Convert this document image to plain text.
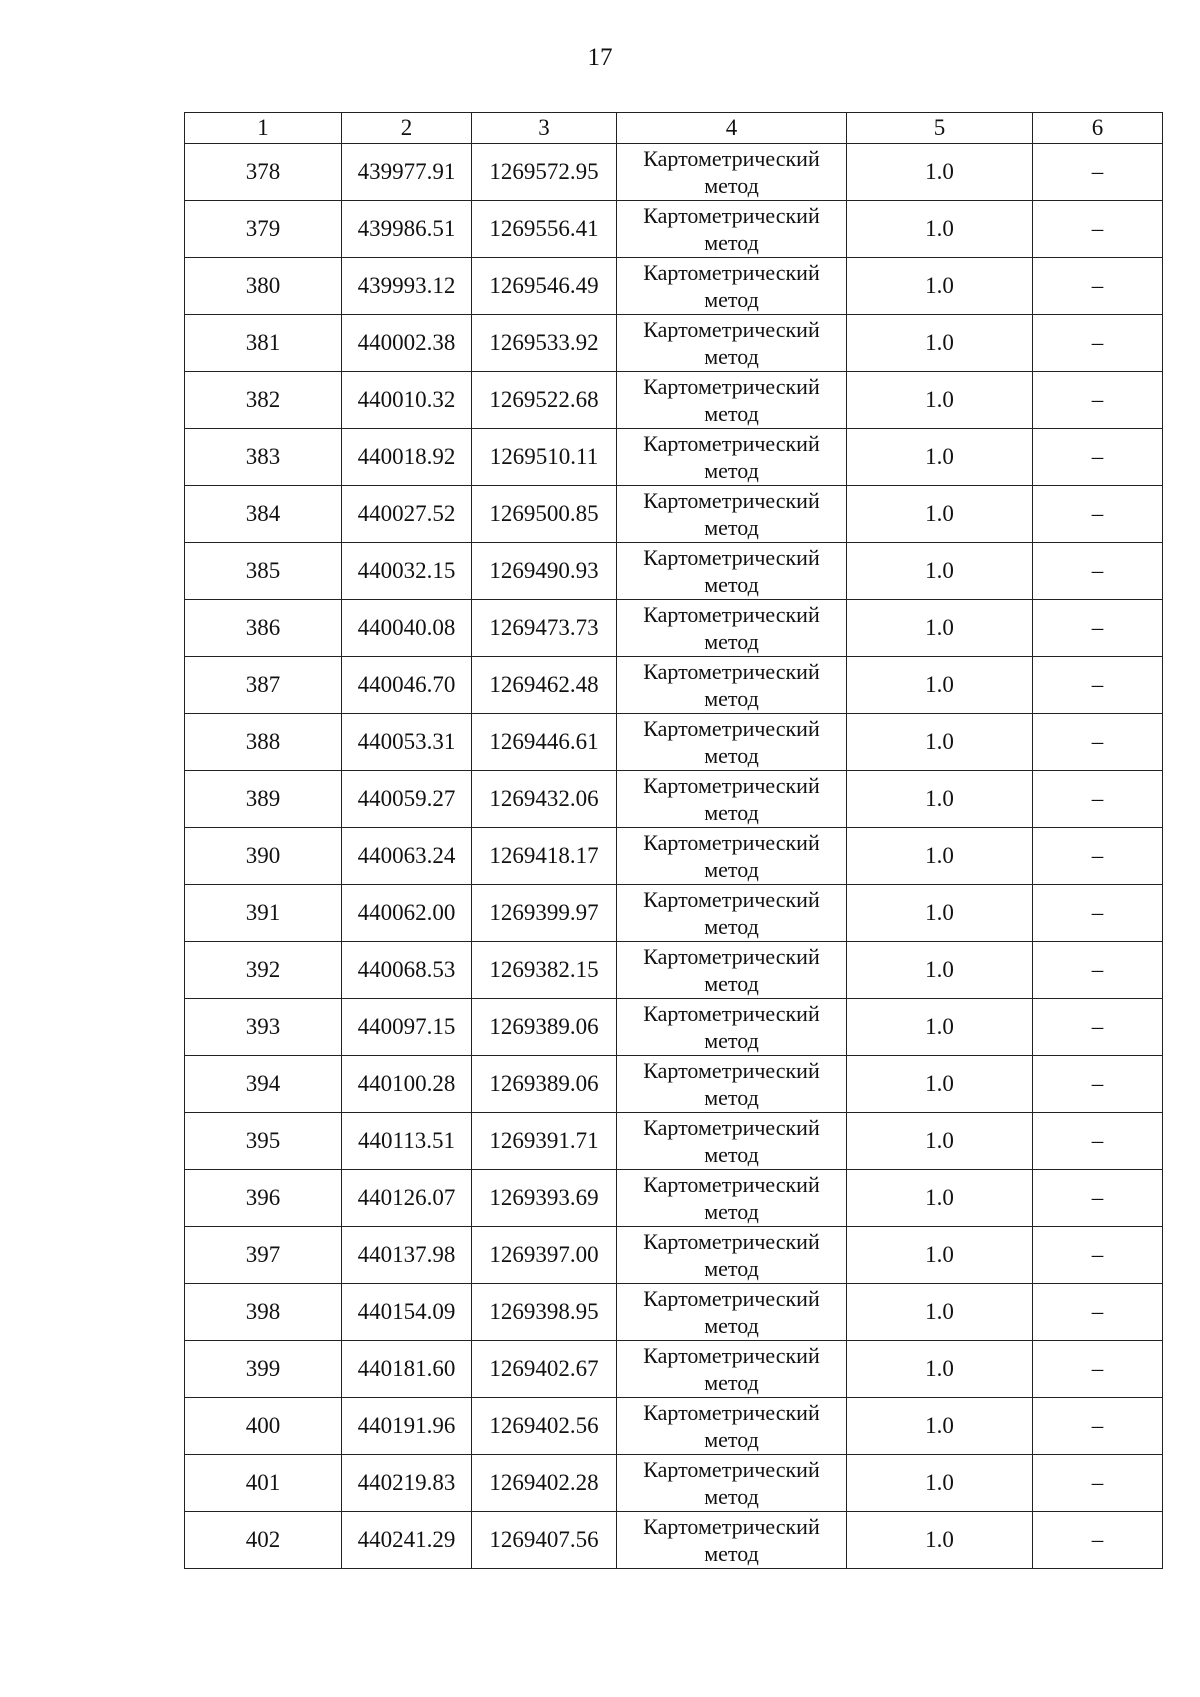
17
1	2	3	4	5	6
378	439977.91	1269572.95	Картометрический метод	1.0	–
379	439986.51	1269556.41	Картометрический метод	1.0	–
380	439993.12	1269546.49	Картометрический метод	1.0	–
381	440002.38	1269533.92	Картометрический метод	1.0	–
382	440010.32	1269522.68	Картометрический метод	1.0	–
383	440018.92	1269510.11	Картометрический метод	1.0	–
384	440027.52	1269500.85	Картометрический метод	1.0	–
385	440032.15	1269490.93	Картометрический метод	1.0	–
386	440040.08	1269473.73	Картометрический метод	1.0	–
387	440046.70	1269462.48	Картометрический метод	1.0	–
388	440053.31	1269446.61	Картометрический метод	1.0	–
389	440059.27	1269432.06	Картометрический метод	1.0	–
390	440063.24	1269418.17	Картометрический метод	1.0	–
391	440062.00	1269399.97	Картометрический метод	1.0	–
392	440068.53	1269382.15	Картометрический метод	1.0	–
393	440097.15	1269389.06	Картометрический метод	1.0	–
394	440100.28	1269389.06	Картометрический метод	1.0	–
395	440113.51	1269391.71	Картометрический метод	1.0	–
396	440126.07	1269393.69	Картометрический метод	1.0	–
397	440137.98	1269397.00	Картометрический метод	1.0	–
398	440154.09	1269398.95	Картометрический метод	1.0	–
399	440181.60	1269402.67	Картометрический метод	1.0	–
400	440191.96	1269402.56	Картометрический метод	1.0	–
401	440219.83	1269402.28	Картометрический метод	1.0	–
402	440241.29	1269407.56	Картометрический метод	1.0	–
